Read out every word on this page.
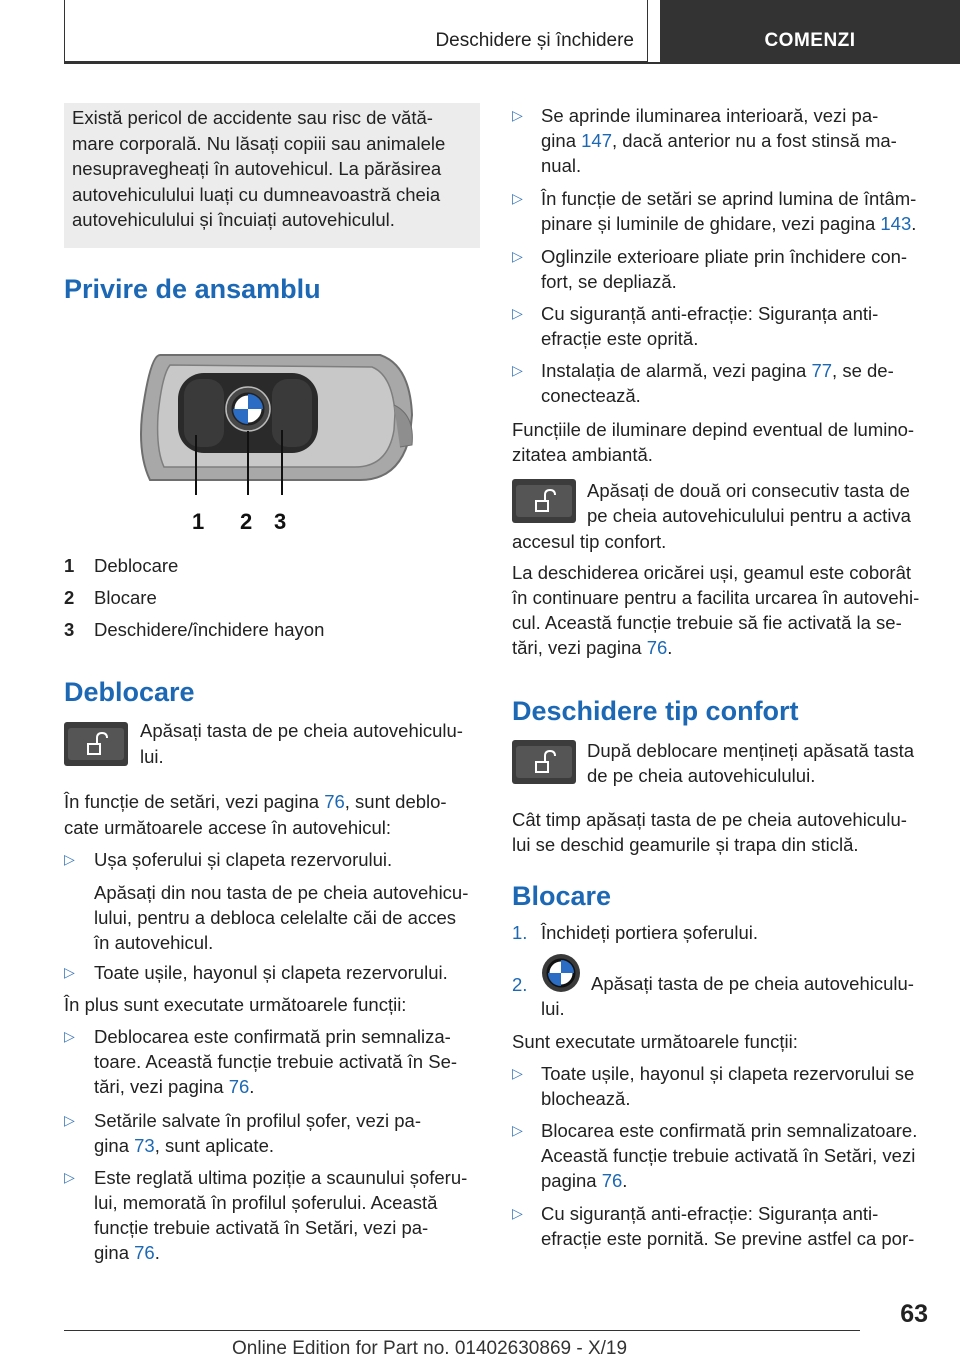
Deschidere și închidere	COMENZI
Există pericol de accidente sau risc de vătă-
mare corporală. Nu lăsați copiii sau animalele
nesupravegheați în autovehicul. La părăsirea
autovehiculului luați cu dumneavoastră cheia
autovehiculului și încuiați autovehiculul.
Privire de ansamblu
1 2 3
1 Deblocare
2 Blocare
3 Deschidere/închidere hayon
Deblocare
Apăsați tasta de pe cheia autovehiculu-
lui.
În funcție de setări, vezi pagina 76, sunt deblo-
cate următoarele accese în autovehicul:
▷ Ușa șoferului și clapeta rezervorului.
Apăsați din nou tasta de pe cheia autovehicu-
lului, pentru a debloca celelalte căi de acces
în autovehicul.
▷ Toate ușile, hayonul și clapeta rezervorului.
În plus sunt executate următoarele funcții:
▷ Deblocarea este confirmată prin semnaliza-
toare. Această funcție trebuie activată în Se-
tări, vezi pagina 76.
▷ Setările salvate în profilul șofer, vezi pa-
gina 73, sunt aplicate.
▷ Este reglată ultima poziție a scaunului șoferu-
lui, memorată în profilul șoferului. Această
funcție trebuie activată în Setări, vezi pa-
gina 76.
▷ Se aprinde iluminarea interioară, vezi pa-
gina 147, dacă anterior nu a fost stinsă ma-
nual.
▷ În funcție de setări se aprind lumina de întâm-
pinare și luminile de ghidare, vezi pagina 143.
▷ Oglinzile exterioare pliate prin închidere con-
fort, se depliază.
▷ Cu siguranță anti-efracție: Siguranța anti-
efracție este oprită.
▷ Instalația de alarmă, vezi pagina 77, se de-
conectează.
Funcțiile de iluminare depind eventual de lumino-
zitatea ambiantă.
Apăsați de două ori consecutiv tasta de
pe cheia autovehiculului pentru a activa
accesul tip confort.
La deschiderea oricărei uși, geamul este coborât
în continuare pentru a facilita urcarea în autovehi-
cul. Această funcție trebuie să fie activată la se-
tări, vezi pagina 76.
Deschidere tip confort
După deblocare mențineți apăsată tasta
de pe cheia autovehiculului.
Cât timp apăsați tasta de pe cheia autovehiculu-
lui se deschid geamurile și trapa din sticlă.
Blocare
1. Închideți portiera șoferului.
2.	Apăsați tasta de pe cheia autovehiculu-
lui.
Sunt executate următoarele funcții:
▷ Toate ușile, hayonul și clapeta rezervorului se
blochează.
▷ Blocarea este confirmată prin semnalizatoare.
Această funcție trebuie activată în Setări, vezi
pagina 76.
▷ Cu siguranță anti-efracție: Siguranța anti-
efracție este pornită. Se previne astfel ca por-
63
Online Edition for Part no. 01402630869 - X/19
